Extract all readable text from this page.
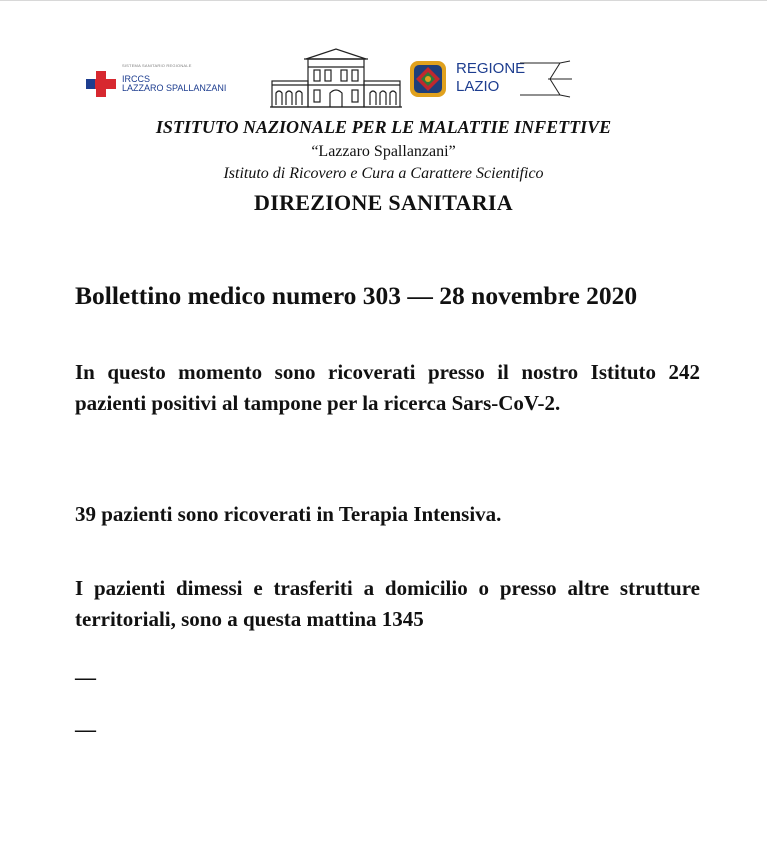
SISTEMA SANITARIO REGIONALE
IRCCS
LAZZARO SPALLANZANI
REGIONE
LAZIO
ISTITUTO NAZIONALE PER LE MALATTIE INFETTIVE
“Lazzaro Spallanzani”
Istituto di Ricovero e Cura a Carattere Scientifico
DIREZIONE SANITARIA
Bollettino medico numero 303 — 28 novembre 2020
In questo momento sono ricoverati presso il nostro Istituto 242 pazienti positivi al tampone per la ricerca Sars-CoV-2.
39 pazienti sono ricoverati in Terapia Intensiva.
I pazienti dimessi e trasferiti a domicilio o presso altre strutture territoriali, sono a questa mattina 1345
—
—
